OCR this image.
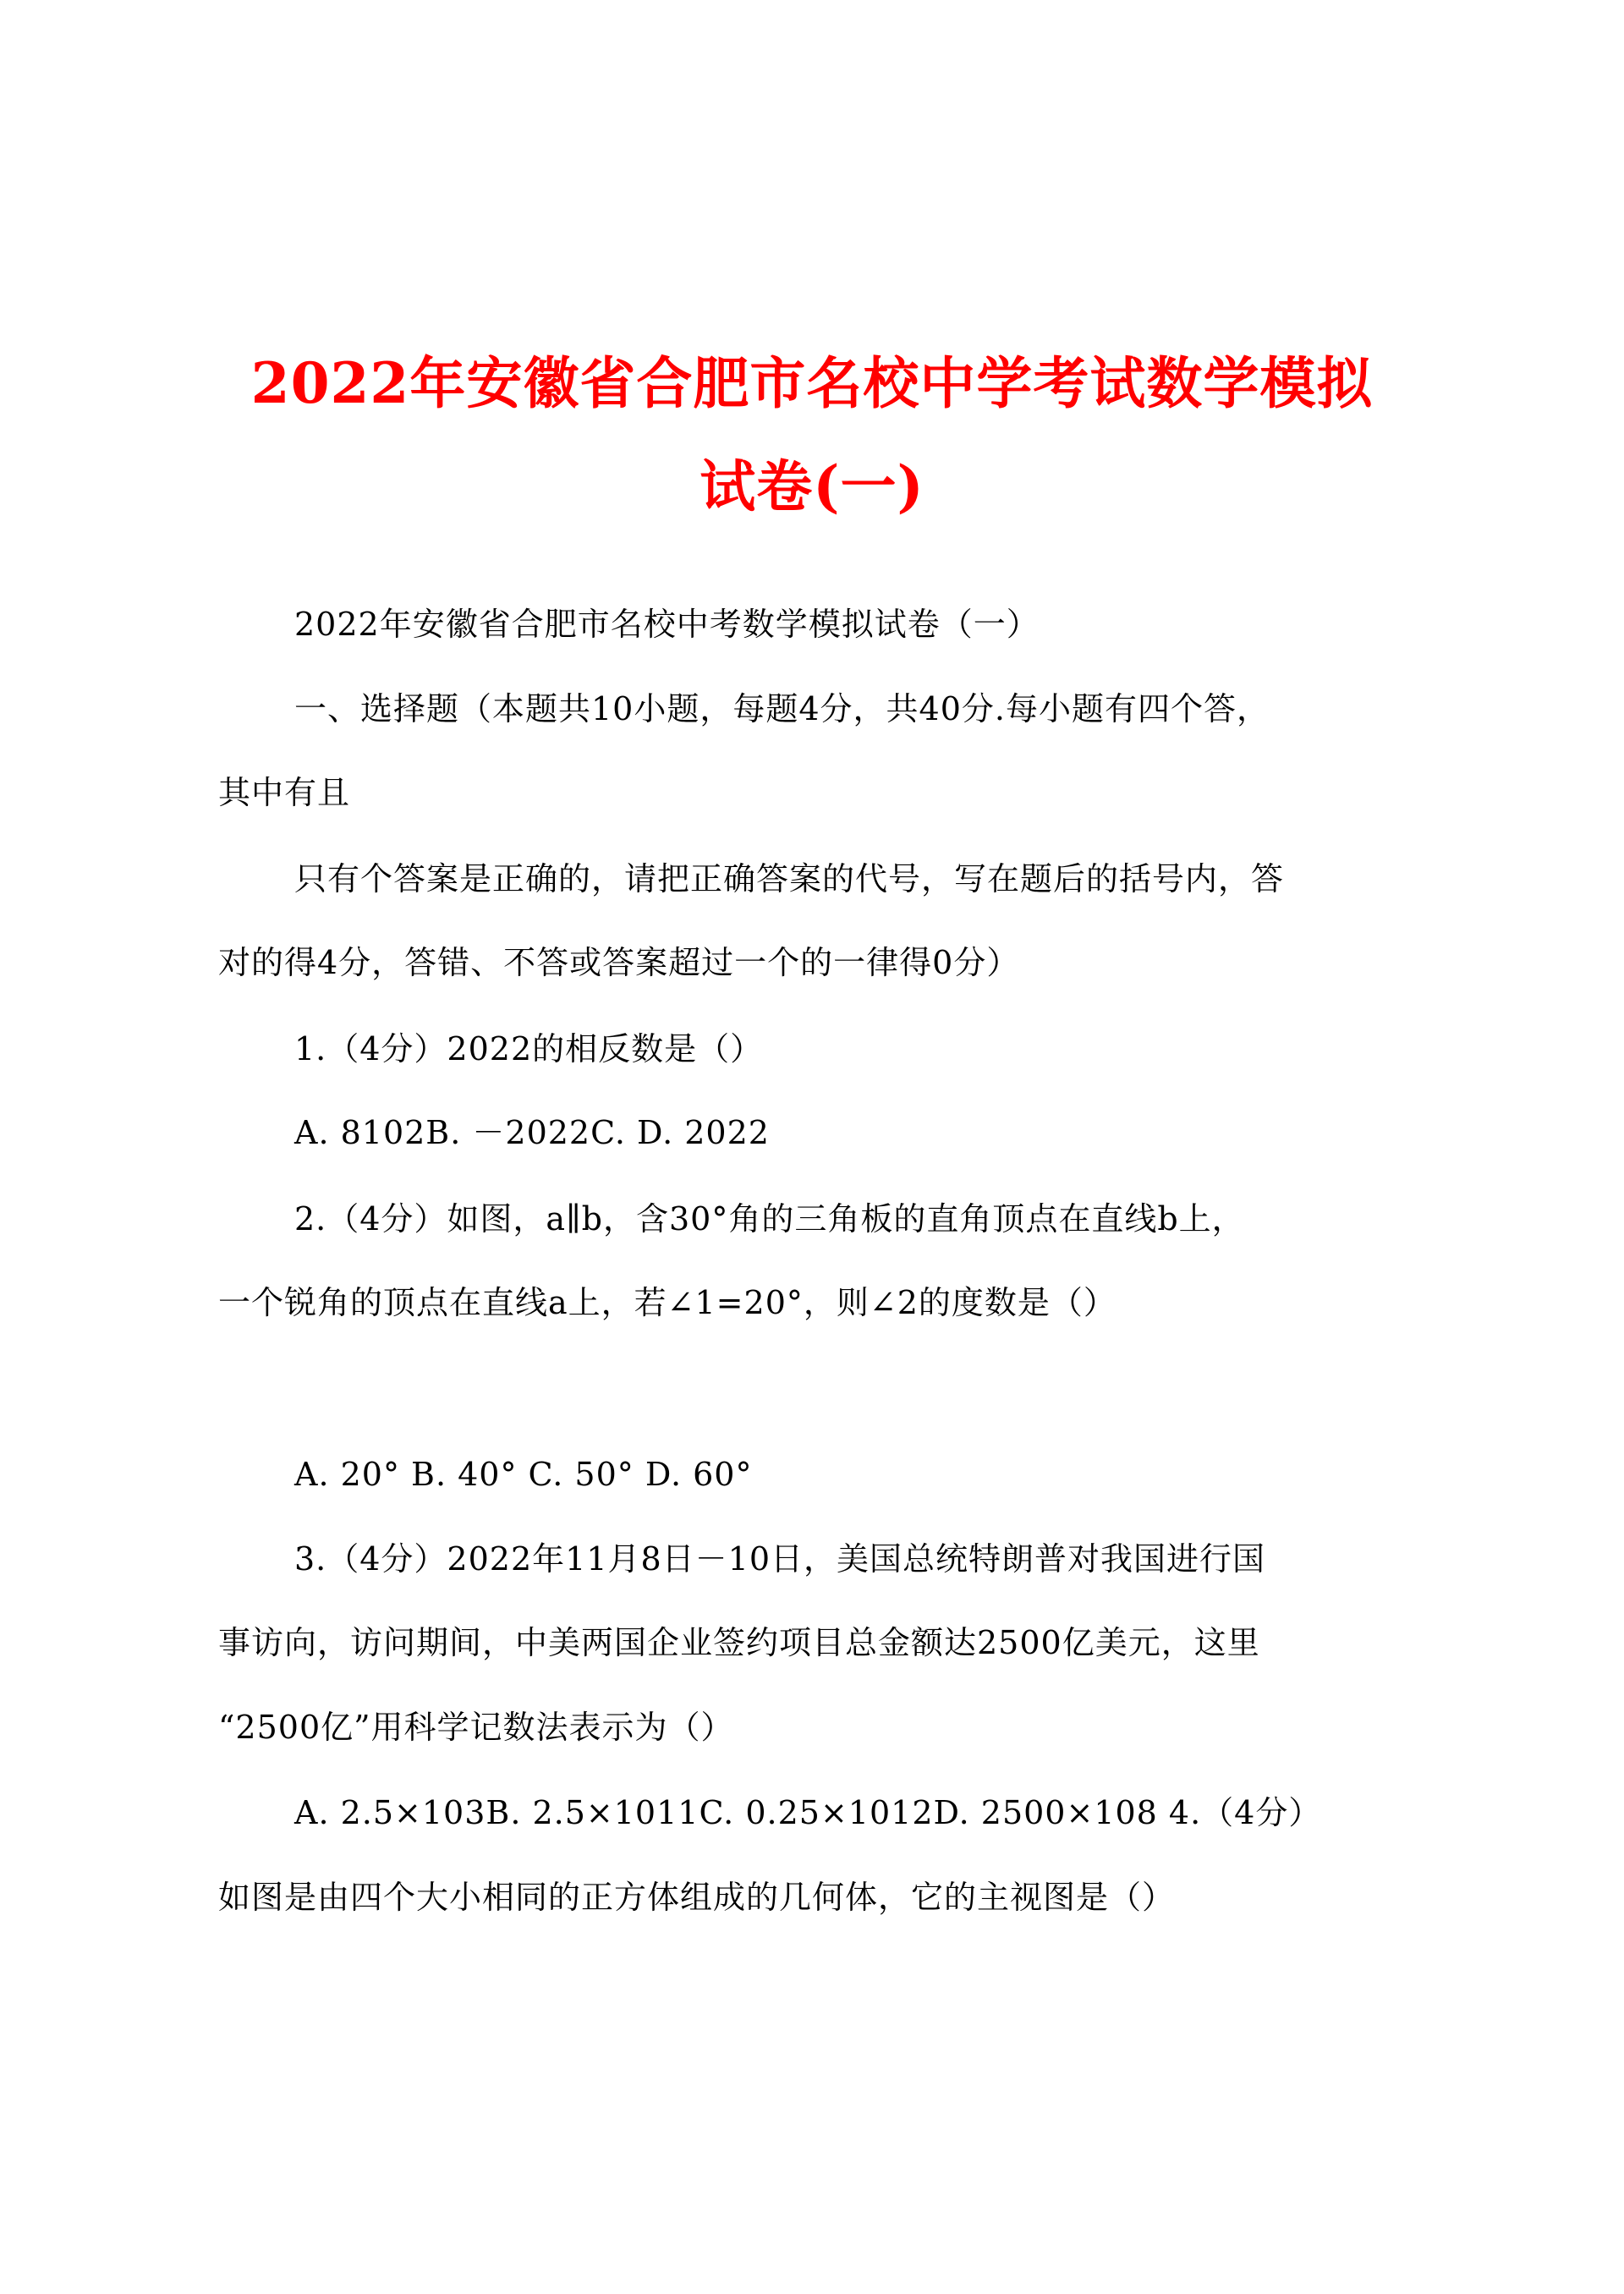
2022年安徽省合肥市名校中学考试数学模拟
试卷(一)
2022年安徽省合肥市名校中考数学模拟试卷（一）
一、选择题（本题共10小题，每题4分，共40分.每小题有四个答，
其中有且
只有个答案是正确的，请把正确答案的代号，写在题后的括号内，答
对的得4分，答错、不答或答案超过一个的一律得0分）
1.（4分）2022的相反数是（）
A. 8102B. －2022C. D. 2022
2.（4分）如图，a∥b，含30°角的三角板的直角顶点在直线b上，
一个锐角的顶点在直线a上，若∠1=20°，则∠2的度数是（）
A. 20° B. 40° C. 50° D. 60°
3.（4分）2022年11月8日－10日，美国总统特朗普对我国进行国
事访向，访问期间，中美两国企业签约项目总金额达2500亿美元，这里
“2500亿”用科学记数法表示为（）
A. 2.5×103B. 2.5×1011C. 0.25×1012D. 2500×108 4.（4分）
如图是由四个大小相同的正方体组成的几何体，它的主视图是（）
